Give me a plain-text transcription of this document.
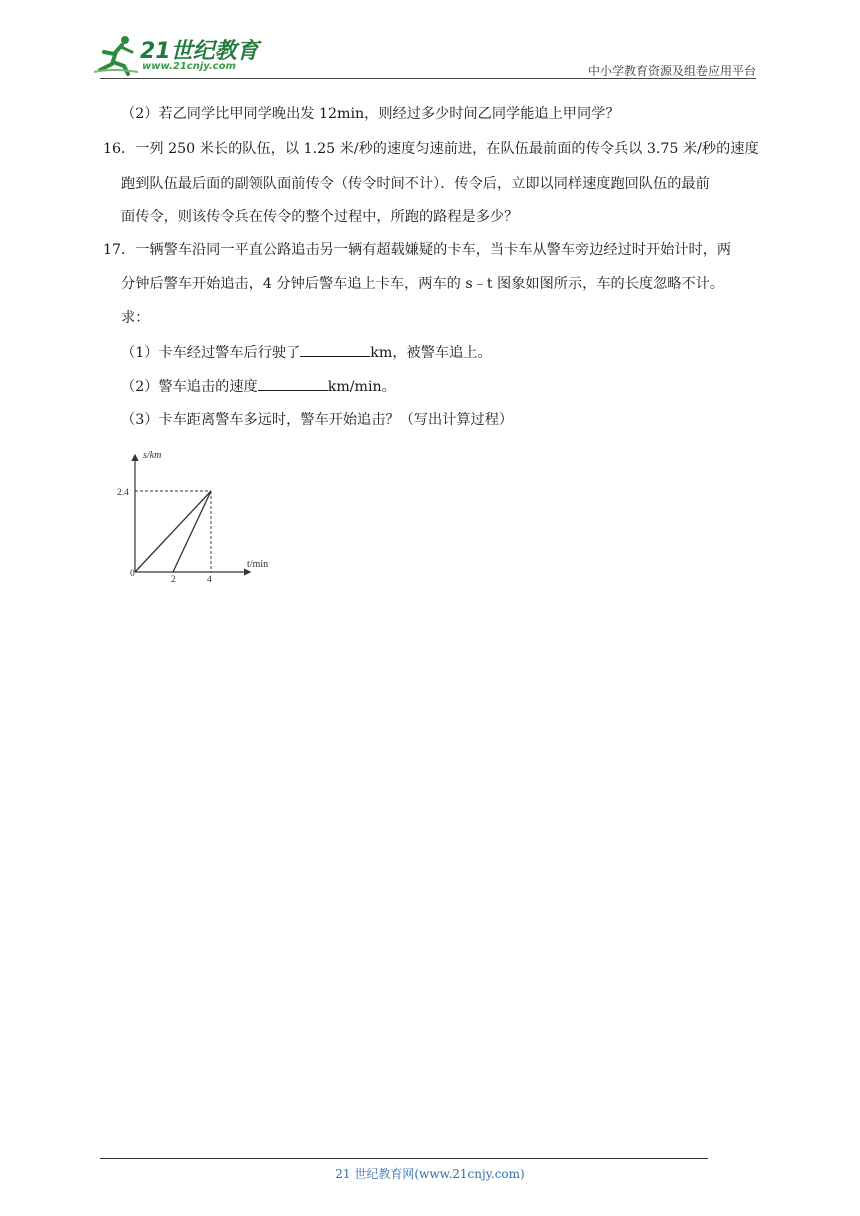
21世纪教育
www.21cnjy.com	中小学教育资源及组卷应用平台
（2）若乙同学比甲同学晚出发 12min，则经过多少时间乙同学能追上甲同学？
16．一列 250 米长的队伍，以 1.25 米/秒的速度匀速前进，在队伍最前面的传令兵以 3.75 米/秒的速度
跑到队伍最后面的副领队面前传令（传令时间不计）．传令后，立即以同样速度跑回队伍的最前
面传令，则该传令兵在传令的整个过程中，所跑的路程是多少？
17．一辆警车沿同一平直公路追击另一辆有超载嫌疑的卡车，当卡车从警车旁边经过时开始计时，两
分钟后警车开始追击，4 分钟后警车追上卡车，两车的 s﹣t 图象如图所示，车的长度忽略不计。
求：
（1）卡车经过警车后行驶了	km，被警车追上。
（2）警车追击的速度	km/min。
（3）卡车距离警车多远时，警车开始追击？（写出计算过程）
s/km
t/min
0
2	4
2.4
21 世纪教育网(www.21cnjy.com)
